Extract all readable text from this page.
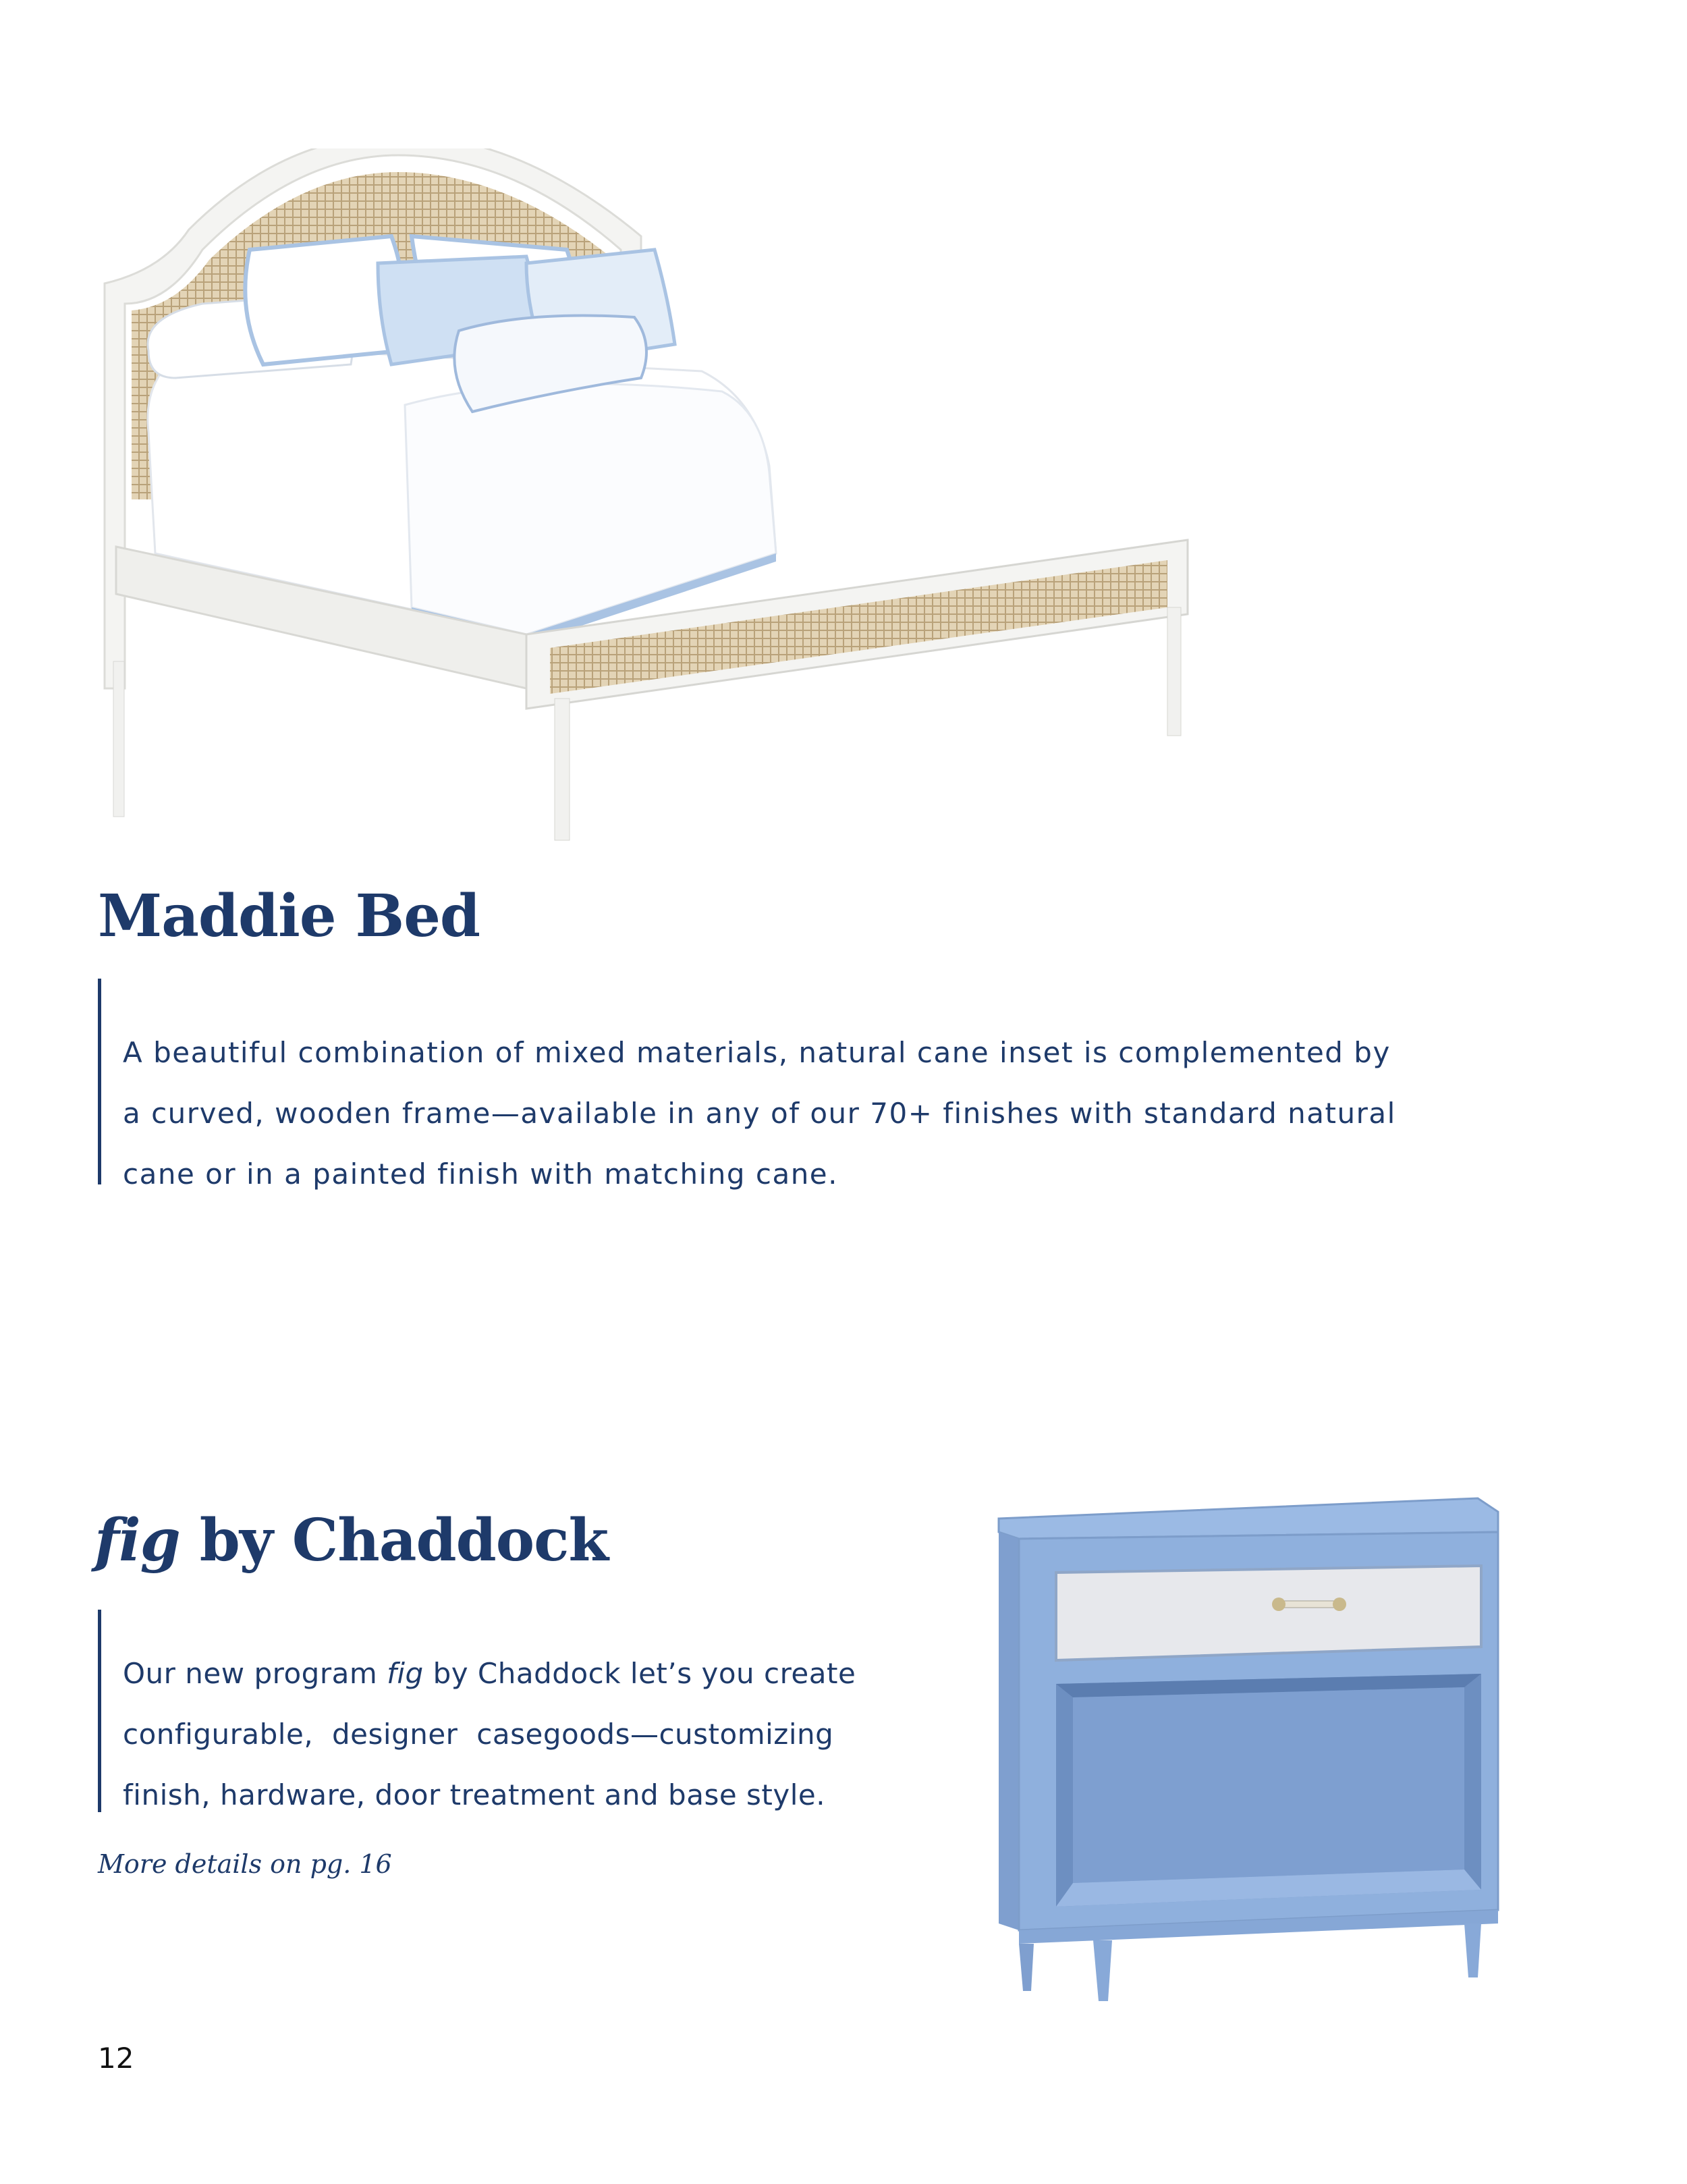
Maddie Bed
A beautiful combination of mixed materials, natural cane inset is complemented by
a curved, wooden frame—available in any of our 70+ finishes with standard natural
cane or in a painted finish with matching cane.
fig by Chaddock
Our new program fig by Chaddock let’s you create
configurable, designer casegoods—customizing
finish, hardware, door treatment and base style.
More details on pg. 16
12
